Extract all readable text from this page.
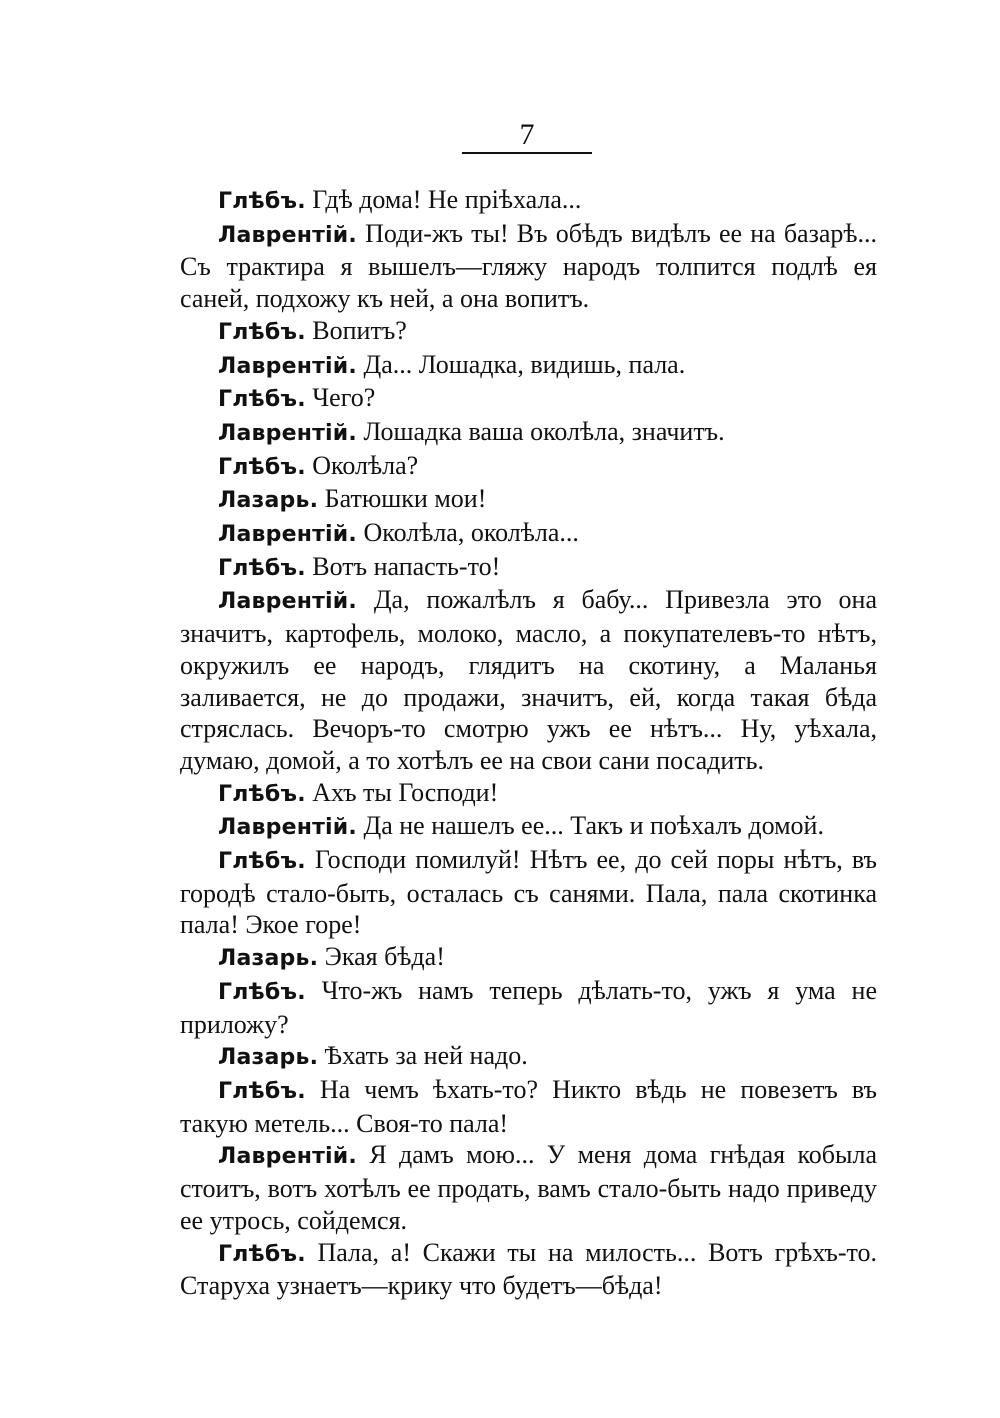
7

Глѣбъ. Гдѣ дома! Не пріѣхала...

Лаврентій. Поди-жъ ты! Въ обѣдъ видѣлъ ее на базарѣ... Съ трактира я вышелъ—гляжу народъ толпится подлѣ ея саней, подхожу къ ней, а она вопитъ.

Глѣбъ. Вопитъ?

Лаврентій. Да... Лошадка, видишь, пала.

Глѣбъ. Чего?

Лаврентій. Лошадка ваша околѣла, значитъ.

Глѣбъ. Околѣла?

Лазарь. Батюшки мои!

Лаврентій. Околѣла, околѣла...

Глѣбъ. Вотъ напасть-то!

Лаврентій. Да, пожалѣлъ я бабу... Привезла это она значитъ, картофель, молоко, масло, а покупателевъ-то нѣтъ, окружилъ ее народъ, глядитъ на скотину, а Маланья заливается, не до продажи, значитъ, ей, когда такая бѣда стряслась. Вечоръ-то смотрю ужъ ее нѣтъ... Ну, уѣхала, думаю, домой, а то хотѣлъ ее на свои сани посадить.

Глѣбъ. Ахъ ты Господи!

Лаврентій. Да не нашелъ ее... Такъ и поѣхалъ домой.

Глѣбъ. Господи помилуй! Нѣтъ ее, до сей поры нѣтъ, въ городѣ стало-быть, осталась съ санями. Пала, пала скотинка пала! Экое горе!

Лазарь. Экая бѣда!

Глѣбъ. Что-жъ намъ теперь дѣлать-то, ужъ я ума не приложу?

Лазарь. Ѣхать за ней надо.

Глѣбъ. На чемъ ѣхать-то? Никто вѣдь не повезетъ въ такую метель... Своя-то пала!

Лаврентій. Я дамъ мою... У меня дома гнѣдая кобыла стоитъ, вотъ хотѣлъ ее продать, вамъ стало-быть надо приведу ее утрось, сойдемся.

Глѣбъ. Пала, а! Скажи ты на милость... Вотъ грѣхъ-то. Старуха узнаетъ—крику что будетъ—бѣда!
